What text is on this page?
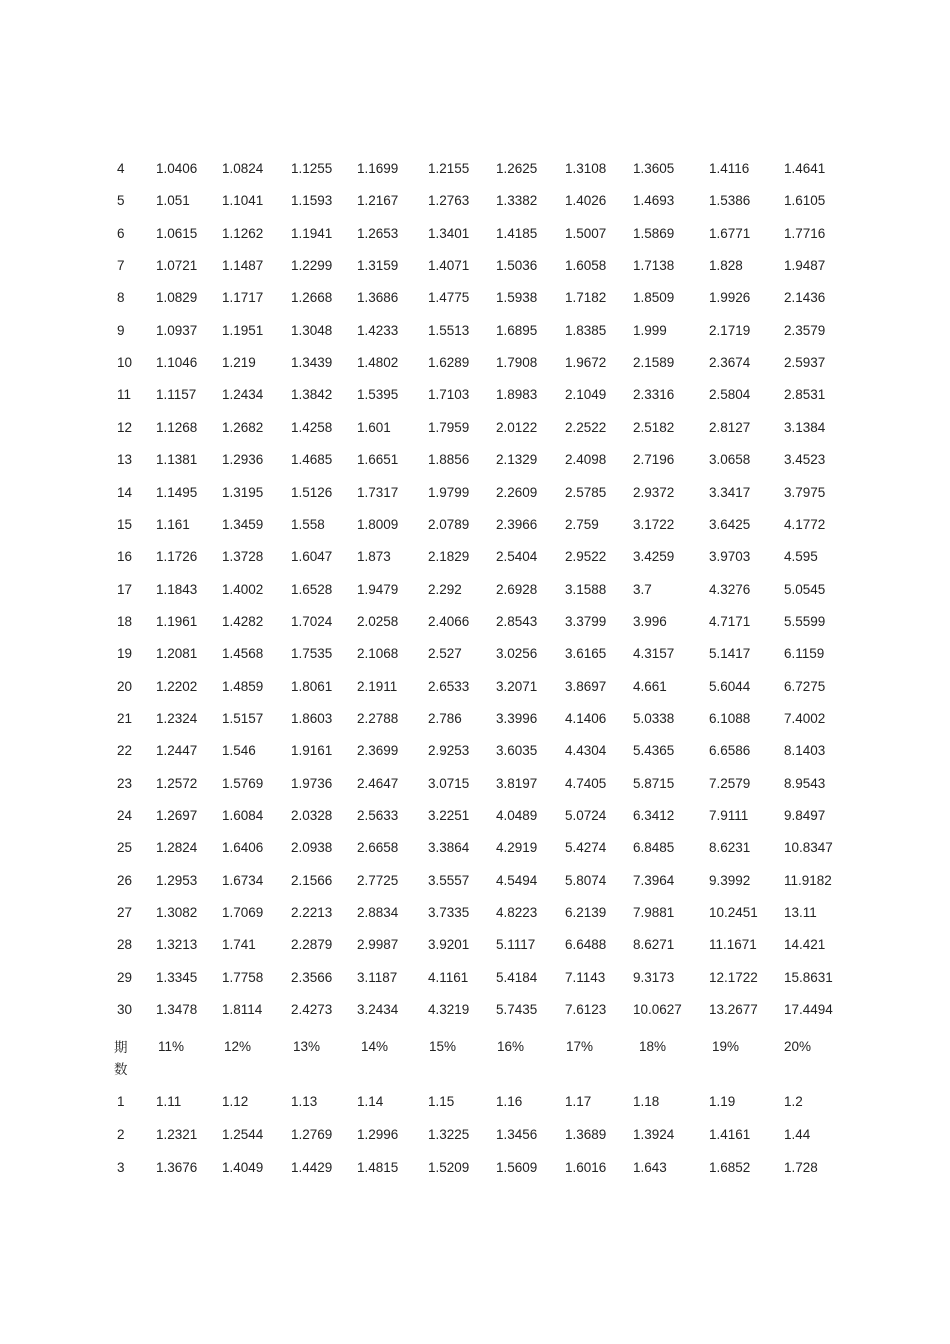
4 1.0406 1.0824 1.1255 1.1699 1.2155 1.2625 1.3108 1.3605	1.4116	1.4641
5 1.051 1.1041 1.1593 1.2167 1.2763 1.3382 1.4026 1.4693	1.5386 1.6105
6 1.0615 1.1262 1.1941 1.2653 1.3401 1.4185 1.5007 1.5869	1.6771 1.7716
7 1.0721 1.1487 1.2299 1.3159 1.4071 1.5036 1.6058 1.7138	1.828	1.9487
8 1.0829 1.1717 1.2668 1.3686 1.4775 1.5938 1.7182 1.8509	1.9926 2.1436
9 1.0937 1.1951 1.3048 1.4233 1.5513 1.6895 1.8385 1.999	2.1719 2.3579
10 1.1046 1.219	1.3439 1.4802 1.6289 1.7908 1.9672 2.1589	2.3674 2.5937
11 1.1157 1.2434 1.3842 1.5395 1.7103 1.8983 2.1049 2.3316	2.5804 2.8531
12 1.1268 1.2682 1.4258 1.601	1.7959 2.0122 2.2522 2.5182	2.8127 3.1384
13 1.1381 1.2936 1.4685 1.6651 1.8856 2.1329 2.4098 2.7196	3.0658 3.4523
14 1.1495 1.3195 1.5126 1.7317 1.9799 2.2609 2.5785 2.9372	3.3417 3.7975
15 1.161 1.3459 1.558 1.8009 2.0789 2.3966 2.759	3.1722	3.6425 4.1772
16 1.1726 1.3728 1.6047 1.873	2.1829 2.5404 2.9522 3.4259	3.9703 4.595
17 1.1843 1.4002 1.6528 1.9479 2.292	2.6928 3.1588 3.7	4.3276 5.0545
18 1.1961 1.4282 1.7024 2.0258 2.4066 2.8543 3.3799 3.996	4.7171 5.5599
19 1.2081 1.4568 1.7535 2.1068 2.527	3.0256 3.6165 4.3157	5.1417 6.1159
20 1.2202 1.4859 1.8061 2.1911 2.6533 3.2071 3.8697 4.661	5.6044 6.7275
21 1.2324 1.5157 1.8603 2.2788 2.786	3.3996 4.1406 5.0338	6.1088 7.4002
22 1.2447 1.546	1.9161 2.3699 2.9253 3.6035 4.4304 5.4365	6.6586 8.1403
23 1.2572 1.5769 1.9736 2.4647 3.0715 3.8197 4.7405 5.8715	7.2579 8.9543
24 1.2697 1.6084 2.0328 2.5633 3.2251 4.0489 5.0724 6.3412	7.9111	9.8497
25 1.2824 1.6406 2.0938 2.6658 3.3864 4.2919 5.4274 6.8485	8.6231 10.8347
26 1.2953 1.6734 2.1566 2.7725 3.5557 4.5494 5.8074 7.3964	9.3992 11.9182
27 1.3082 1.7069 2.2213 2.8834 3.7335 4.8223 6.2139 7.9881	10.2451 13.11
28 1.3213 1.741	2.2879 2.9987 3.9201 5.1117 6.6488 8.6271	11.1671 14.421
29 1.3345 1.7758 2.3566 3.1187 4.1161 5.4184 7.1143 9.3173	12.1722 15.8631
30 1.3478 1.8114 2.4273 3.2434 4.3219 5.7435 7.6123 10.0627 13.2677 17.4494
期
数
11%	12%	13%	14%	15%	16%	17%	18%	19%	20%
1 1.11	1.12	1.13	1.14	1.15	1.16	1.17	1.18	1.19	1.2
2 1.2321 1.2544 1.2769 1.2996 1.3225 1.3456 1.3689 1.3924	1.4161 1.44
3 1.3676 1.4049 1.4429 1.4815 1.5209 1.5609 1.6016 1.643	1.6852 1.728
